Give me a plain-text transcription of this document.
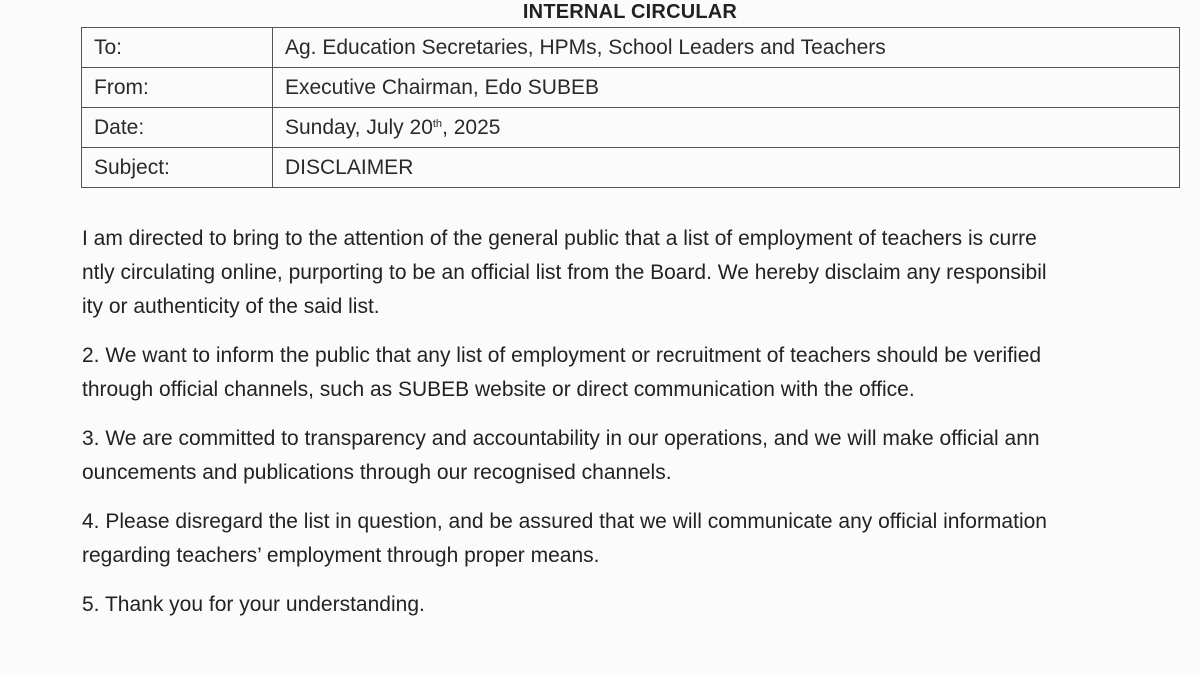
INTERNAL CIRCULAR
To:	Ag. Education Secretaries, HPMs, School Leaders and Teachers
From:	Executive Chairman, Edo SUBEB
Date:	Sunday, July 20th, 2025
Subject:	DISCLAIMER

I am directed to bring to the attention of the general public that a list of employment of teachers is curre
ntly circulating online, purporting to be an official list from the Board. We hereby disclaim any responsibil
ity or authenticity of the said list.

2. We want to inform the public that any list of employment or recruitment of teachers should be verified
through official channels, such as SUBEB website or direct communication with the office.

3. We are committed to transparency and accountability in our operations, and we will make official ann
ouncements and publications through our recognised channels.

4. Please disregard the list in question, and be assured that we will communicate any official information
regarding teachers’ employment through proper means.

5. Thank you for your understanding.
